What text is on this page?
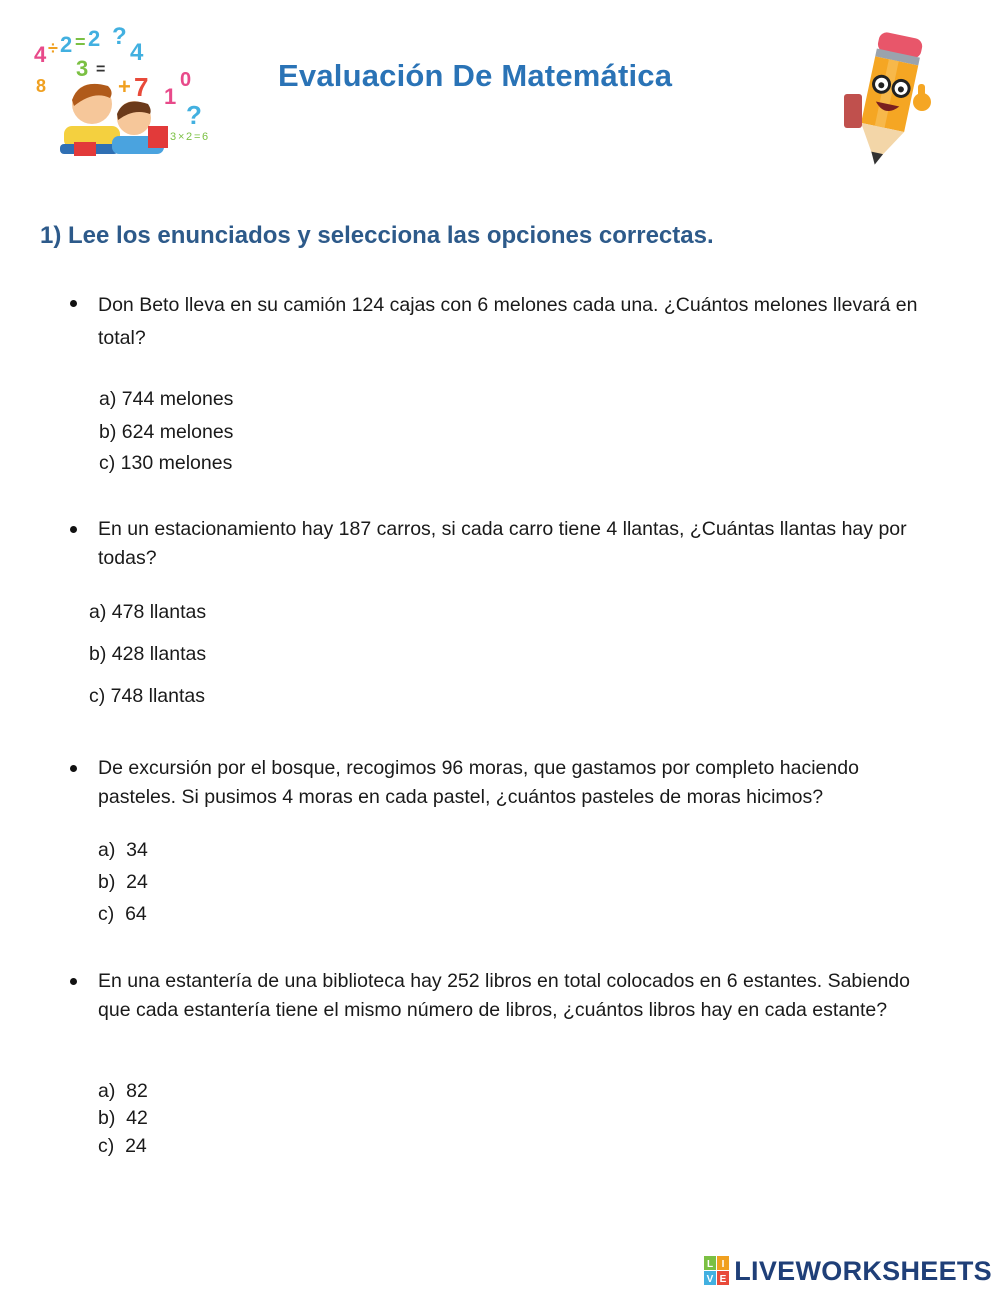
4 ÷ 2 = 2 ?
4
3 =
+ 7 1
0
?
8
3 × 2 = 6
Evaluación De Matemática
1) Lee los enunciados y selecciona las opciones correctas.
Don Beto lleva en su camión 124 cajas con 6 melones cada una. ¿Cuántos melones llevará en total?
a) 744 melones
b) 624 melones
c) 130 melones
En un estacionamiento hay 187 carros, si cada carro tiene 4 llantas, ¿Cuántas llantas hay por todas?
a) 478 llantas
b) 428 llantas
c) 748 llantas
De excursión por el bosque, recogimos 96 moras, que gastamos por completo haciendo pasteles. Si pusimos 4 moras en cada pastel, ¿cuántos pasteles de moras hicimos?
a)  34
b)  24
c)  64
En una estantería de una biblioteca hay 252 libros en total colocados en 6 estantes. Sabiendo que cada estantería tiene el mismo número de libros, ¿cuántos libros hay en cada estante?
a)  82
b)  42
c)  24
L I
V E LIVEWORKSHEETS
